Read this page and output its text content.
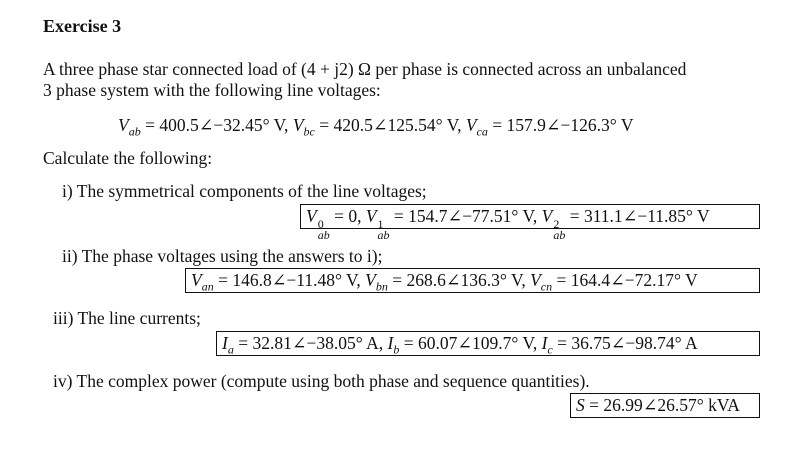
Exercise 3
A three phase star connected load of (4 + j2) Ω per phase is connected across an unbalanced
3 phase system with the following line voltages:
$V_{ab}$ = 400.5∠−32.45° V, $V_{bc}$ = 420.5∠125.54° V, $V_{ca}$ = 157.9∠−126.3° V
Calculate the following:
i) The symmetrical components of the line voltages;
V 0
ab
= 0, V 1
ab
= 154.7∠−77.51° V, V 2
ab
= 311.1∠−11.85° V
ii) The phase voltages using the answers to i);
$V_{an}$ = 146.8∠−11.48° V, $V_{bn}$ = 268.6∠136.3° V, $V_{cn}$ = 164.4∠−72.17° V
iii) The line currents;
$I_a$ = 32.81∠−38.05° A, $I_b$ = 60.07∠109.7° V, $I_c$ = 36.75∠−98.74° A
iv) The complex power (compute using both phase and sequence quantities).
S = 26.99∠26.57° kVA
